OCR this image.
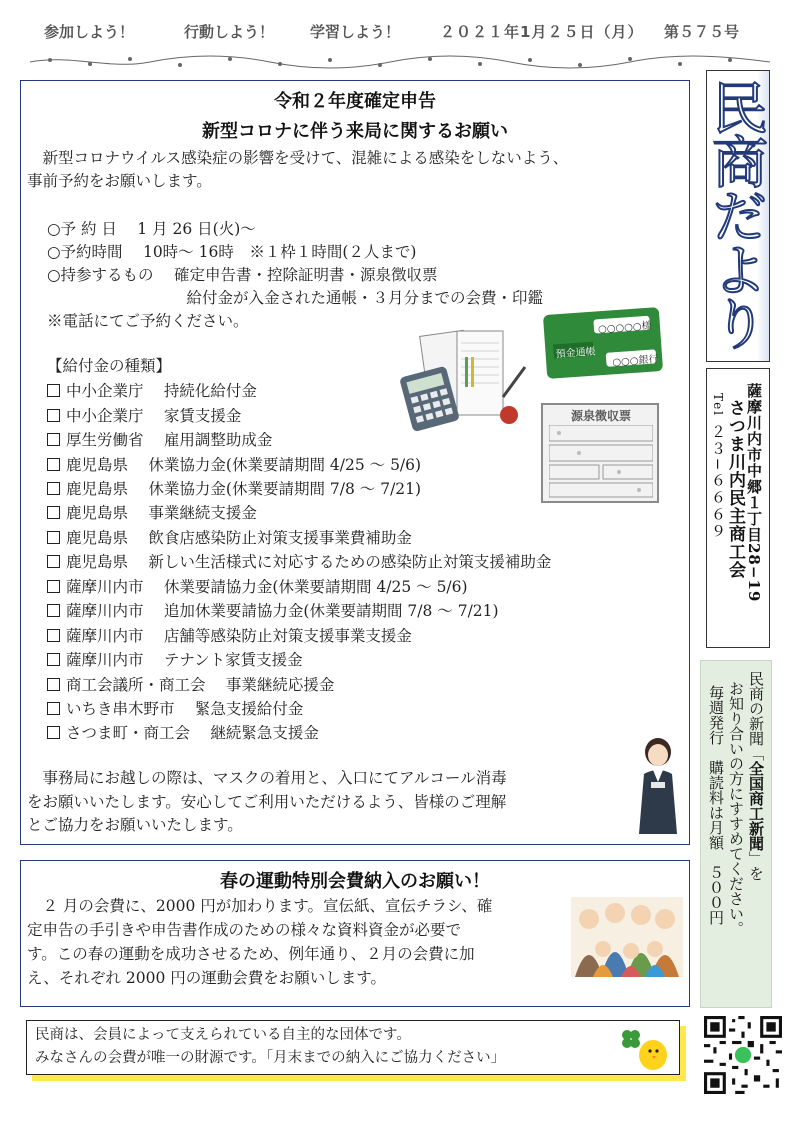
参加しよう！	行動しよう！ 学習しよう！	２０２１年1月２５日（月） 第５７５号
令和２年度確定申告
新型コロナに伴う来局に関するお願い
　新型コロナウイルス感染症の影響を受けて、混雑による感染をしないよう、
事前予約をお願いします。
○予 約 日　 1 月 26 日(火)～
○予約時間　 10時～ 16時　※１枠１時間(２人まで)
○持参するもの　 確定申告書・控除証明書・源泉徴収票
　　　　　　　　　給付金が入金された通帳・３月分までの会費・印鑑
※電話にてご予約ください。
【給付金の種類】
中小企業庁　 持続化給付金
中小企業庁　 家賃支援金
厚生労働省　 雇用調整助成金
鹿児島県　 休業協力金(休業要請期間 4/25 ～ 5/6)
鹿児島県　 休業協力金(休業要請期間 7/8 ～ 7/21)
鹿児島県　 事業継続支援金
鹿児島県　 飲食店感染防止対策支援事業費補助金
鹿児島県　 新しい生活様式に対応するための感染防止対策支援補助金
薩摩川内市　 休業要請協力金(休業要請期間 4/25 ～ 5/6)
薩摩川内市　 追加休業要請協力金(休業要請期間 7/8 ～ 7/21)
薩摩川内市　 店舗等感染防止対策支援事業支援金
薩摩川内市　 テナント家賃支援金
商工会議所・商工会　 事業継続応援金
いちき串木野市　 緊急支援給付金
さつま町・商工会　 継続緊急支援金
　事務局にお越しの際は、マスクの着用と、入口にてアルコール消毒
をお願いいたします。安心してご利用いただけるよう、皆様のご理解
とご協力をお願いいたします。
○○○○○様
預金通帳
○○○銀行
源泉徴収票
春の運動特別会費納入のお願い！
　２ 月の会費に、2000 円が加わります。宣伝紙、宣伝チラシ、確
定申告の手引きや申告書作成のための様々な資料資金が必要で
す。この春の運動を成功させるため、例年通り、２月の会費に加
え、それぞれ 2000 円の運動会費をお願いします。
民商は、会員によって支えられている自主的な団体です。
みなさんの会費が唯一の財源です。「月末までの納入にご協力ください」
民商だより
薩摩川内市中郷１丁目28−19
さつま川内民主商工会
Tel ２３−６６６９
民商の新聞「全国商工新聞」を
お知り合いの方にすすめてください。
毎週発行　購読料は月額　５００円
